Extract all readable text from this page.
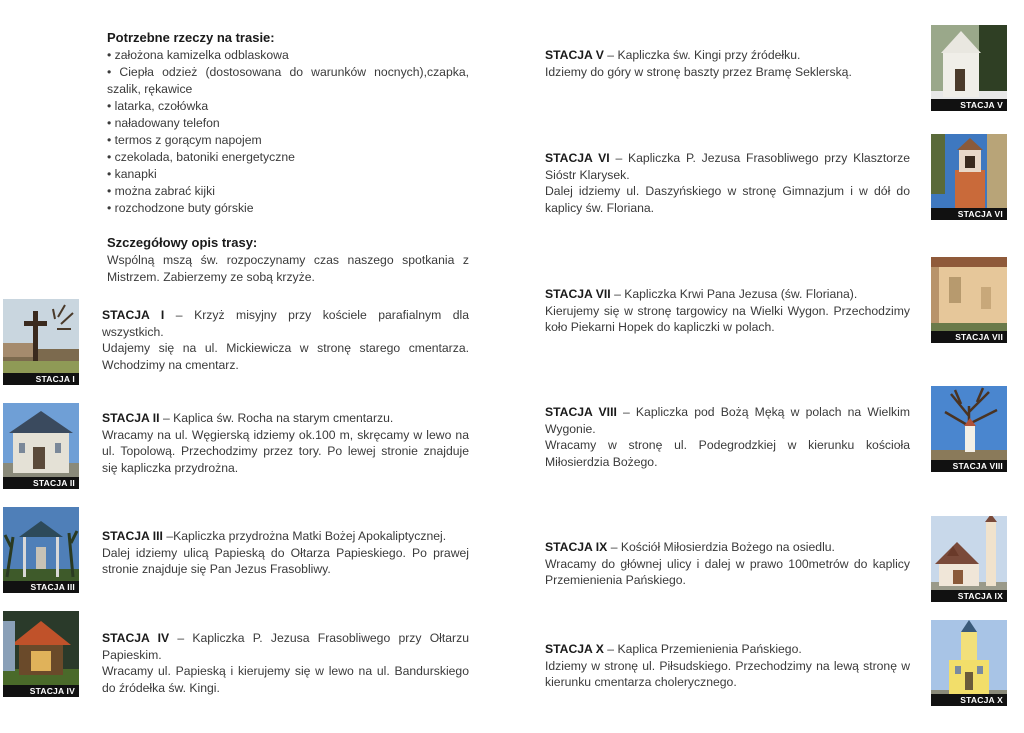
Potrzebne rzeczy na trasie:
• założona kamizelka odblaskowa
• Ciepła odzież (dostosowana do warunków nocnych),czapka, szalik, rękawice
• latarka, czołówka
• naładowany telefon
• termos z gorącym napojem
• czekolada, batoniki energetyczne
• kanapki
• można zabrać kijki
• rozchodzone buty górskie
Szczegółowy opis trasy:
Wspólną mszą św. rozpoczynamy czas naszego spotkania z Mistrzem. Zabierzemy ze sobą krzyże.
STACJA I

STACJA I – Krzyż misyjny przy kościele parafialnym dla wszystkich.

Udajemy się na ul. Mickiewicza w stronę starego cmentarza. Wchodzimy na cmentarz.

STACJA II

STACJA II – Kaplica św. Rocha na starym cmentarzu.

Wracamy na ul. Węgierską idziemy ok.100 m, skręcamy w lewo na ul. Topolową. Przechodzimy przez tory. Po lewej stronie znajduje się kapliczka przydrożna.

STACJA III

STACJA III –Kapliczka przydrożna Matki Bożej Apokaliptycznej.

Dalej idziemy ulicą Papieską do Ołtarza Papieskiego. Po prawej stronie znajduje się Pan Jezus Frasobliwy.

STACJA IV

STACJA IV – Kapliczka P. Jezusa Frasobliwego przy Ołtarzu Papieskim.

Wracamy ul. Papieską i kierujemy się w lewo na ul. Bandurskiego do źródełka św. Kingi.

STACJA V – Kapliczka św. Kingi przy źródełku.

Idziemy do góry w stronę baszty przez Bramę Seklerską.

STACJA V

STACJA VI – Kapliczka P. Jezusa Frasobliwego przy Klasztorze Sióstr Klarysek.

Dalej idziemy ul. Daszyńskiego w stronę Gimnazjum i w dół do kaplicy św. Floriana.	STACJA VI

STACJA VII – Kapliczka Krwi Pana Jezusa (św. Floriana).

Kierujemy się w stronę targowicy na Wielki Wygon. Przechodzimy koło Piekarni Hopek do kapliczki w polach.

STACJA VII

STACJA VIII – Kapliczka pod Bożą Męką w polach na Wielkim Wygonie.

Wracamy w stronę ul. Podegrodzkiej w kierunku kościoła Miłosierdzia Bożego.	STACJA VIII

STACJA IX – Kościół Miłosierdzia Bożego na osiedlu.

Wracamy do głównej ulicy i dalej w prawo 100metrów do kaplicy Przemienienia Pańskiego.

STACJA IX

STACJA X – Kaplica Przemienienia Pańskiego.

Idziemy w stronę ul. Piłsudskiego. Przechodzimy na lewą stronę w kierunku cmentarza cholerycznego.

STACJA X
